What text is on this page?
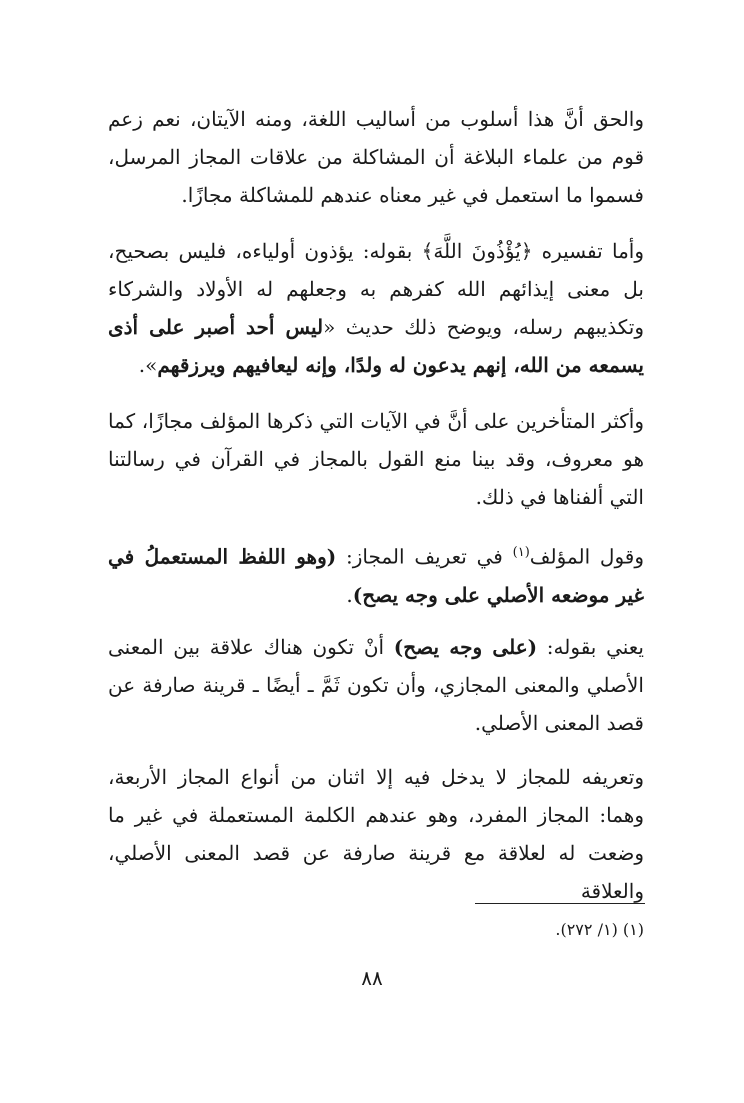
والحق أنَّ هذا أسلوب من أساليب اللغة، ومنه الآيتان، نعم زعم قوم من علماء البلاغة أن المشاكلة من علاقات المجاز المرسل، فسموا ما استعمل في غير معناه عندهم للمشاكلة مجازًا.

وأما تفسيره ﴿يُؤْذُونَ اللَّهَ﴾ بقوله: يؤذون أولياءه، فليس بصحيح، بل معنى إيذائهم الله كفرهم به وجعلهم له الأولاد والشركاء وتكذيبهم رسله، ويوضح ذلك حديث «ليس أحد أصبر على أذى يسمعه من الله، إنهم يدعون له ولدًا، وإنه ليعافيهم ويرزقهم».

وأكثر المتأخرين على أنَّ في الآيات التي ذكرها المؤلف مجازًا، كما هو معروف، وقد بينا منع القول بالمجاز في القرآن في رسالتنا التي ألفناها في ذلك.

وقول المؤلف$^{(١)}$ في تعريف المجاز: (وهو اللفظ المستعملُ في غير موضعه الأصلي على وجه يصح).

يعني بقوله: (على وجه يصح) أنْ تكون هناك علاقة بين المعنى الأصلي والمعنى المجازي، وأن تكون ثَمَّ ـ أيضًا ـ قرينة صارفة عن قصد المعنى الأصلي.

وتعريفه للمجاز لا يدخل فيه إلا اثنان من أنواع المجاز الأربعة، وهما: المجاز المفرد، وهو عندهم الكلمة المستعملة في غير ما وضعت له لعلاقة مع قرينة صارفة عن قصد المعنى الأصلي، والعلاقة

(١) (١/ ٢٧٢).
٨٨
